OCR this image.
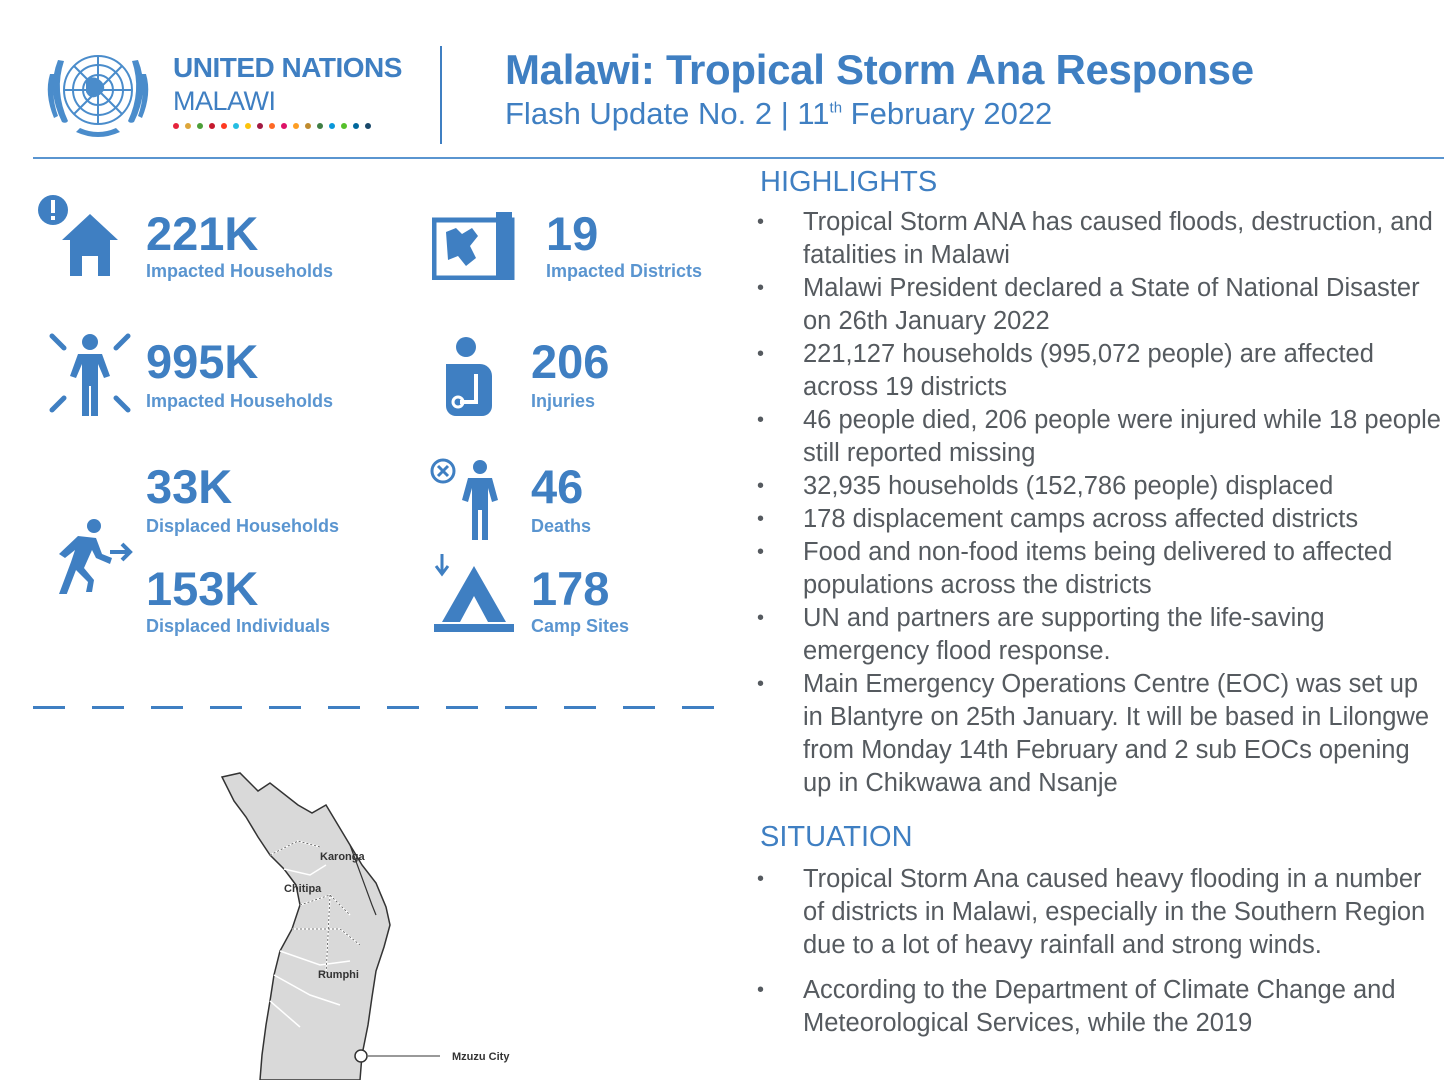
UNITED NATIONS
MALAWI
Malawi: Tropical Storm Ana Response
Flash Update No. 2 | 11th February 2022
221K
Impacted Households
19
Impacted Districts
995K
Impacted Households
206
Injuries
33K
Displaced Households
153K
Displaced Individuals
46
Deaths
178
Camp Sites
Karonga
Chitipa
Rumphi
Mzuzu City
HIGHLIGHTS
• Tropical Storm ANA has caused floods, destruction, and fatalities in Malawi
• Malawi President declared a State of National Disaster on 26th January 2022
• 221,127 households (995,072 people) are affected across 19 districts
• 46 people died, 206 people were injured while 18 people still reported missing
• 32,935 households (152,786 people) displaced
• 178 displacement camps across affected districts
• Food and non-food items being delivered to affected populations across the districts
• UN and partners are supporting the life-saving emergency flood response.
• Main Emergency Operations Centre (EOC) was set up in Blantyre on 25th January. It will be based in Lilongwe from Monday 14th February and 2 sub EOCs opening up in Chikwawa and Nsanje
SITUATION
• Tropical Storm Ana caused heavy flooding in a number of districts in Malawi, especially in the Southern Region due to a lot of heavy rainfall and strong winds.
• According to the Department of Climate Change and Meteorological Services, while the 2019
